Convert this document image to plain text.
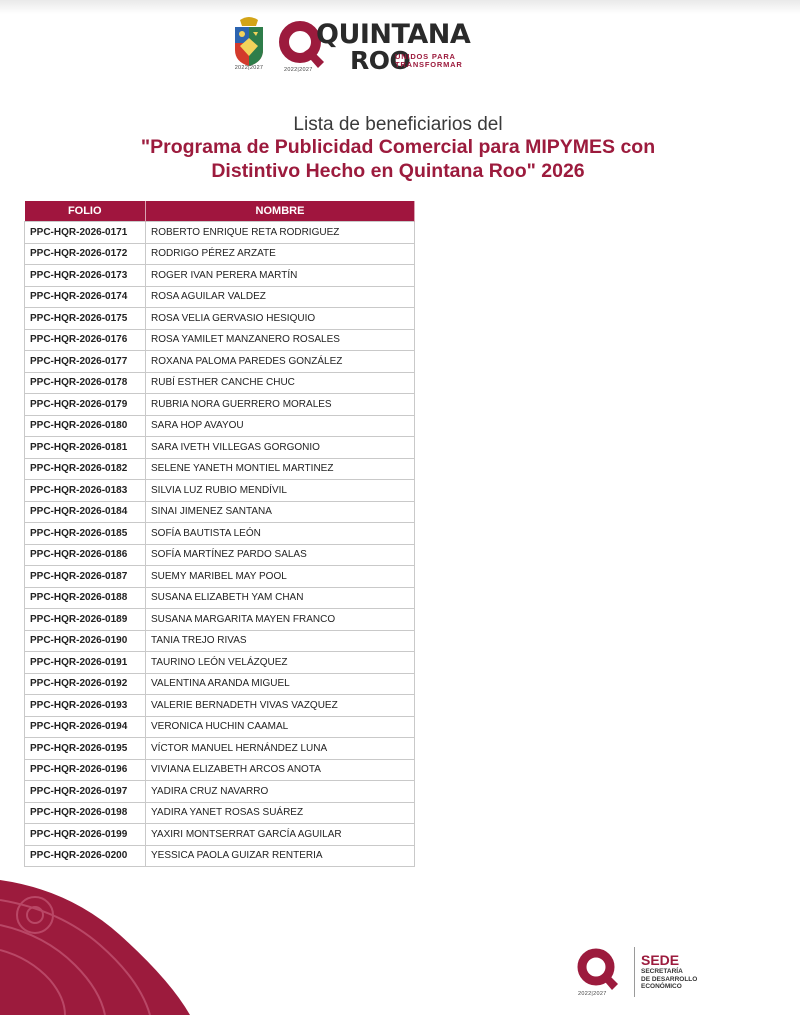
2022|2027
QUINTANA
ROO
UNIDOS PARA TRANSFORMAR
2022|2027
Lista de beneficiarios del
"Programa de Publicidad Comercial para MIPYMES con
Distintivo Hecho en Quintana Roo" 2026
FOLIO	NOMBRE
PPC-HQR-2026-0171	ROBERTO ENRIQUE RETA RODRIGUEZ
PPC-HQR-2026-0172	RODRIGO PÉREZ ARZATE
PPC-HQR-2026-0173	ROGER IVAN PERERA MARTÍN
PPC-HQR-2026-0174	ROSA AGUILAR VALDEZ
PPC-HQR-2026-0175	ROSA VELIA GERVASIO HESIQUIO
PPC-HQR-2026-0176	ROSA YAMILET MANZANERO ROSALES
PPC-HQR-2026-0177	ROXANA PALOMA PAREDES GONZÁLEZ
PPC-HQR-2026-0178	RUBÍ ESTHER CANCHE CHUC
PPC-HQR-2026-0179	RUBRIA NORA GUERRERO MORALES
PPC-HQR-2026-0180	SARA HOP AVAYOU
PPC-HQR-2026-0181	SARA IVETH VILLEGAS GORGONIO
PPC-HQR-2026-0182	SELENE YANETH MONTIEL MARTINEZ
PPC-HQR-2026-0183	SILVIA LUZ RUBIO MENDÍVIL
PPC-HQR-2026-0184	SINAI JIMENEZ SANTANA
PPC-HQR-2026-0185	SOFÍA BAUTISTA LEÓN
PPC-HQR-2026-0186	SOFÍA MARTÍNEZ PARDO SALAS
PPC-HQR-2026-0187	SUEMY MARIBEL MAY POOL
PPC-HQR-2026-0188	SUSANA ELIZABETH YAM CHAN
PPC-HQR-2026-0189	SUSANA MARGARITA MAYEN FRANCO
PPC-HQR-2026-0190	TANIA TREJO RIVAS
PPC-HQR-2026-0191	TAURINO LEÓN VELÁZQUEZ
PPC-HQR-2026-0192	VALENTINA ARANDA MIGUEL
PPC-HQR-2026-0193	VALERIE BERNADETH VIVAS VAZQUEZ
PPC-HQR-2026-0194	VERONICA HUCHIN CAAMAL
PPC-HQR-2026-0195	VÍCTOR MANUEL HERNÁNDEZ LUNA
PPC-HQR-2026-0196	VIVIANA ELIZABETH ARCOS ANOTA
PPC-HQR-2026-0197	YADIRA CRUZ NAVARRO
PPC-HQR-2026-0198	YADIRA YANET ROSAS SUÁREZ
PPC-HQR-2026-0199	YAXIRI MONTSERRAT GARCÍA AGUILAR
PPC-HQR-2026-0200	YESSICA PAOLA GUIZAR RENTERIA
2022|2027
SEDE
SECRETARÍA
DE DESARROLLO
ECONÓMICO
